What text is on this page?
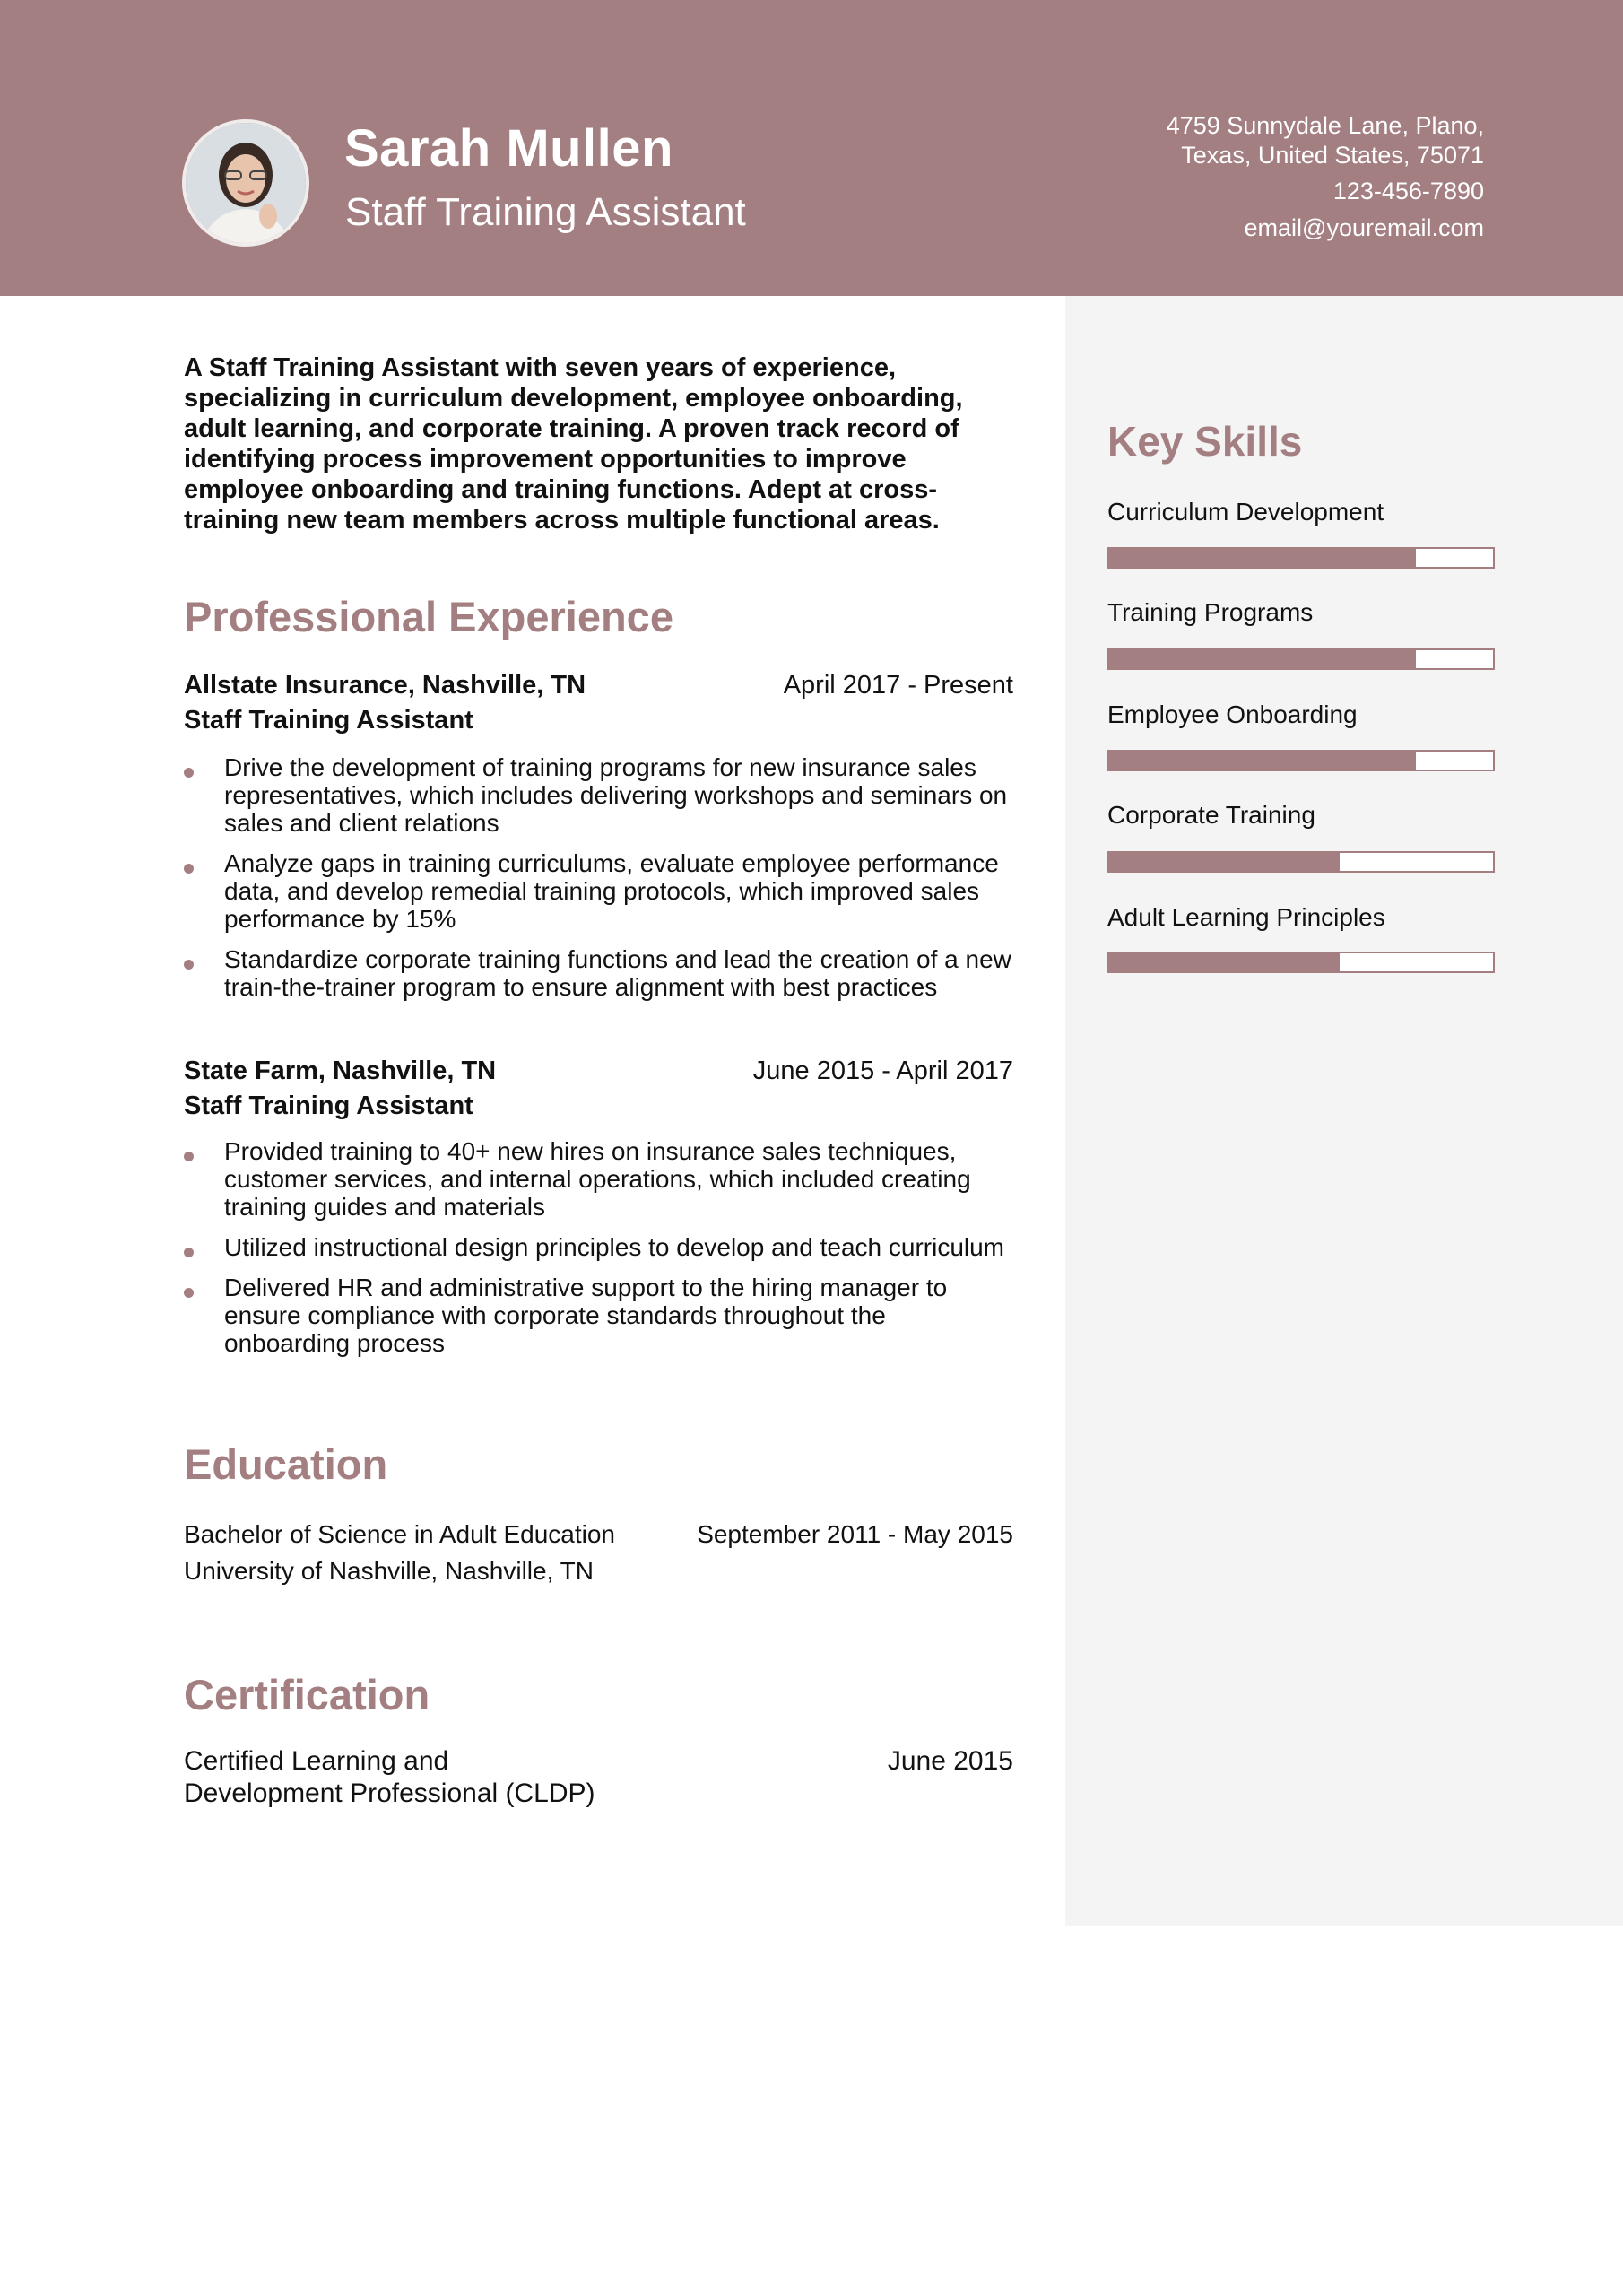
Sarah Mullen
Staff Training Assistant
4759 Sunnydale Lane, Plano,
Texas, United States, 75071
123-456-7890
email@youremail.com
Key Skills
Curriculum Development
Training Programs
Employee Onboarding
Corporate Training
Adult Learning Principles
A Staff Training Assistant with seven years of experience, specializing in curriculum development, employee onboarding, adult learning, and corporate training. A proven track record of identifying process improvement opportunities to improve employee onboarding and training functions. Adept at cross-training new team members across multiple functional areas.
Professional Experience
Allstate Insurance, Nashville, TN	April 2017 - Present
Staff Training Assistant
Drive the development of training programs for new insurance sales representatives, which includes delivering workshops and seminars on sales and client relations
Analyze gaps in training curriculums, evaluate employee performance data, and develop remedial training protocols, which improved sales performance by 15%
Standardize corporate training functions and lead the creation of a new train-the-trainer program to ensure alignment with best practices
State Farm, Nashville, TN	June 2015 - April 2017
Staff Training Assistant
Provided training to 40+ new hires on insurance sales techniques, customer services, and internal operations, which included creating training guides and materials
Utilized instructional design principles to develop and teach curriculum
Delivered HR and administrative support to the hiring manager to ensure compliance with corporate standards throughout the onboarding process
Education
Bachelor of Science in Adult Education	September 2011 - May 2015
University of Nashville, Nashville, TN
Certification
Certified Learning and
Development Professional (CLDP)
June 2015
